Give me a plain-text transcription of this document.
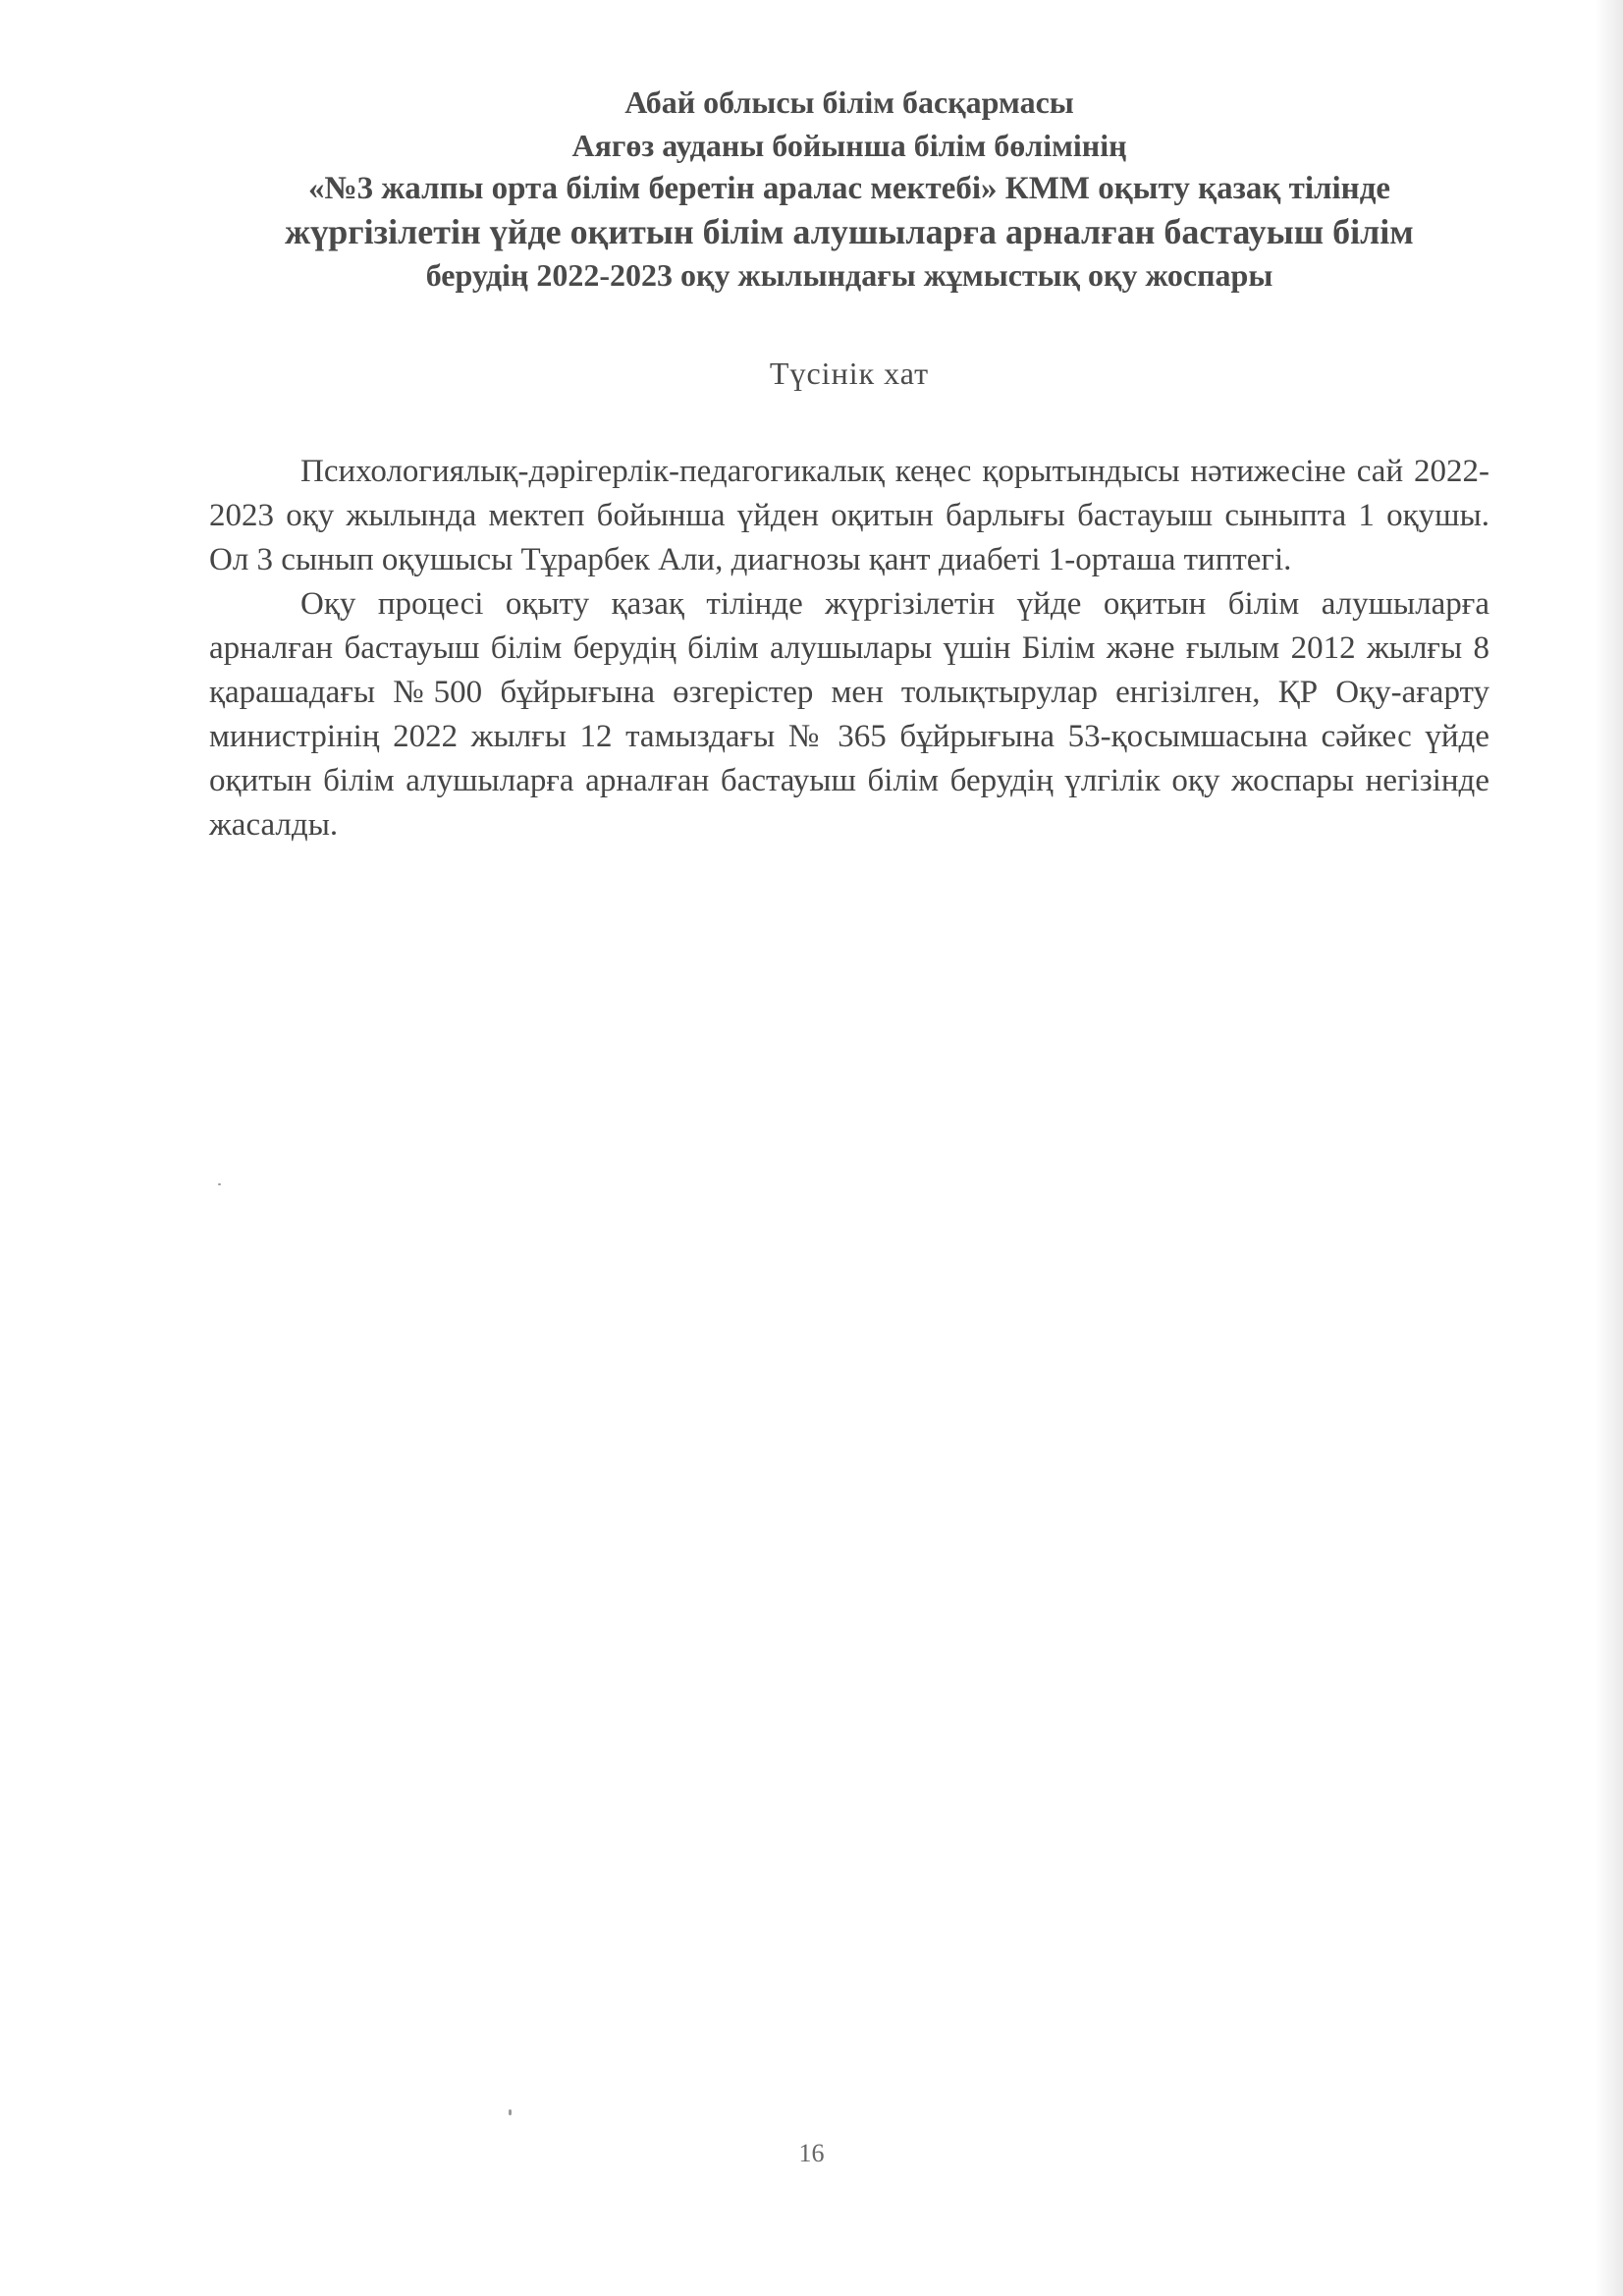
Абай облысы білім басқармасы
Аягөз ауданы бойынша білім бөлімінің
«№3 жалпы орта білім беретін аралас мектебі» КММ оқыту қазақ тілінде
жүргізілетін үйде оқитын білім алушыларға арналған бастауыш білім
берудің 2022-2023 оқу жылындағы жұмыстық оқу жоспары
Түсінік хат

Психологиялық-дәрігерлік-педагогикалық кеңес қорытындысы нәтижесіне сай 2022-2023 оқу жылында мектеп бойынша үйден оқитын барлығы бастауыш сыныпта 1 оқушы. Ол 3 сынып оқушысы Тұрарбек Али, диагнозы қант диабеті 1-орташа типтегі.

Оқу процесі оқыту қазақ тілінде жүргізілетін үйде оқитын білім алушыларға арналған бастауыш білім берудің білім алушылары үшін Білім және ғылым 2012 жылғы 8 қарашадағы №500 бұйрығына өзгерістер мен толықтырулар енгізілген, ҚР Оқу-ағарту министрінің 2022 жылғы 12 тамыздағы № 365 бұйрығына 53-қосымшасына сәйкес үйде оқитын білім алушыларға арналған бастауыш білім берудің үлгілік оқу жоспары негізінде жасалды.

16
